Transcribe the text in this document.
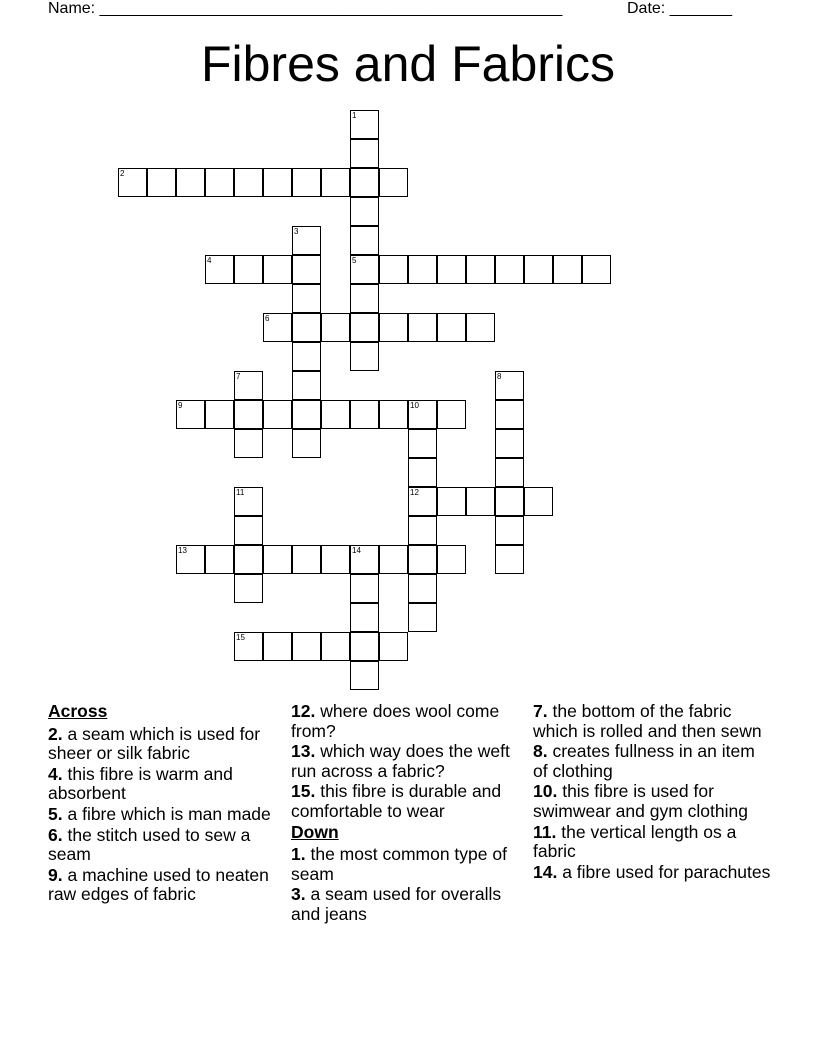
Name: ____________________________________________________	Date: _______
Fibres and Fabrics
2
4	5
6
9	10
12
13	14
15
1
3
7	8
11
Across
2. a seam which is used for sheer or silk fabric
4. this fibre is warm and absorbent
5. a fibre which is man made
6. the stitch used to sew a seam
9. a machine used to neaten raw edges of fabric
12. where does wool come from?
13. which way does the weft run across a fabric?
15. this fibre is durable and comfortable to wear
Down
1. the most common type of seam
3. a seam used for overalls and jeans
7. the bottom of the fabric which is rolled and then sewn
8. creates fullness in an item of clothing
10. this fibre is used for swimwear and gym clothing
11. the vertical length os a fabric
14. a fibre used for parachutes
